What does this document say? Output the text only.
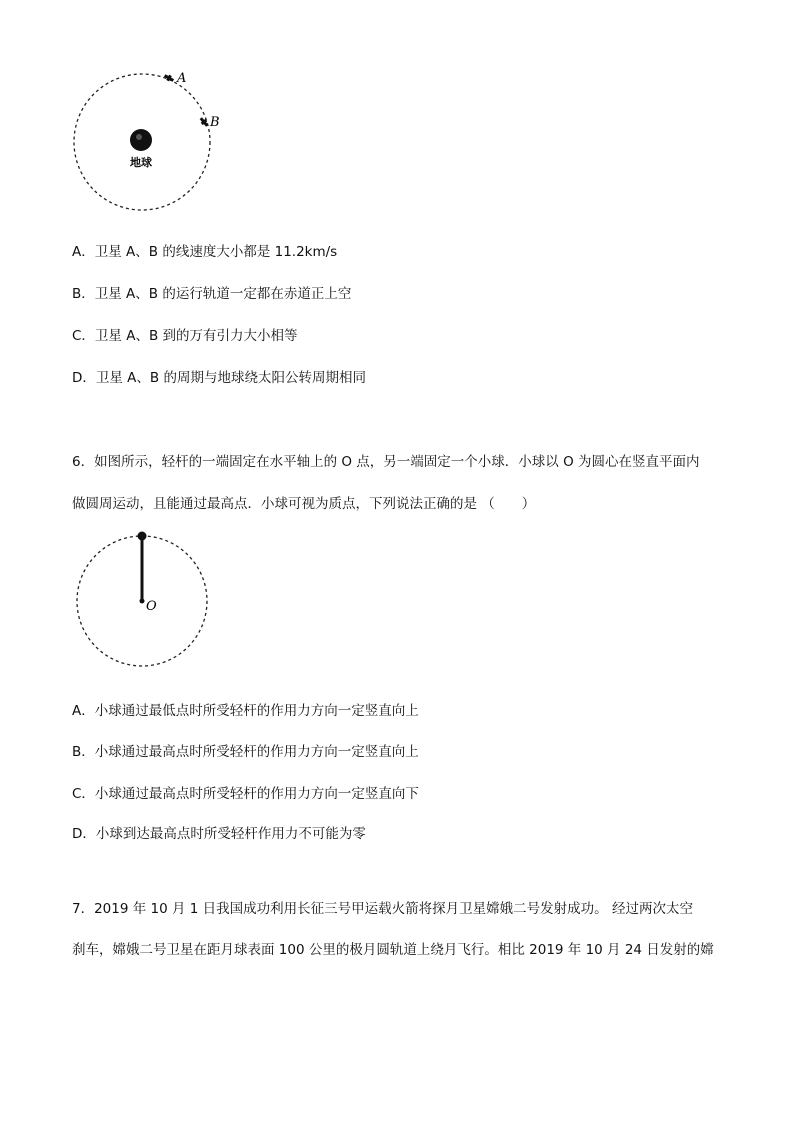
地球
A
B
A．卫星 A、B 的线速度大小都是 11.2km/s
B．卫星 A、B 的运行轨道一定都在赤道正上空
C．卫星 A、B 到的万有引力大小相等
D．卫星 A、B 的周期与地球绕太阳公转周期相同
6．如图所示，轻杆的一端固定在水平轴上的 O 点，另一端固定一个小球．小球以 O 为圆心在竖直平面内
做圆周运动，且能通过最高点．小球可视为质点，下列说法正确的是 （　　）
O
A．小球通过最低点时所受轻杆的作用力方向一定竖直向上
B．小球通过最高点时所受轻杆的作用力方向一定竖直向上
C．小球通过最高点时所受轻杆的作用力方向一定竖直向下
D．小球到达最高点时所受轻杆作用力不可能为零
7．2019 年 10 月 1 日我国成功利用长征三号甲运载火箭将探月卫星嫦娥二号发射成功。 经过两次太空
刹车，嫦娥二号卫星在距月球表面 100 公里的极月圆轨道上绕月飞行。相比 2019 年 10 月 24 日发射的嫦
